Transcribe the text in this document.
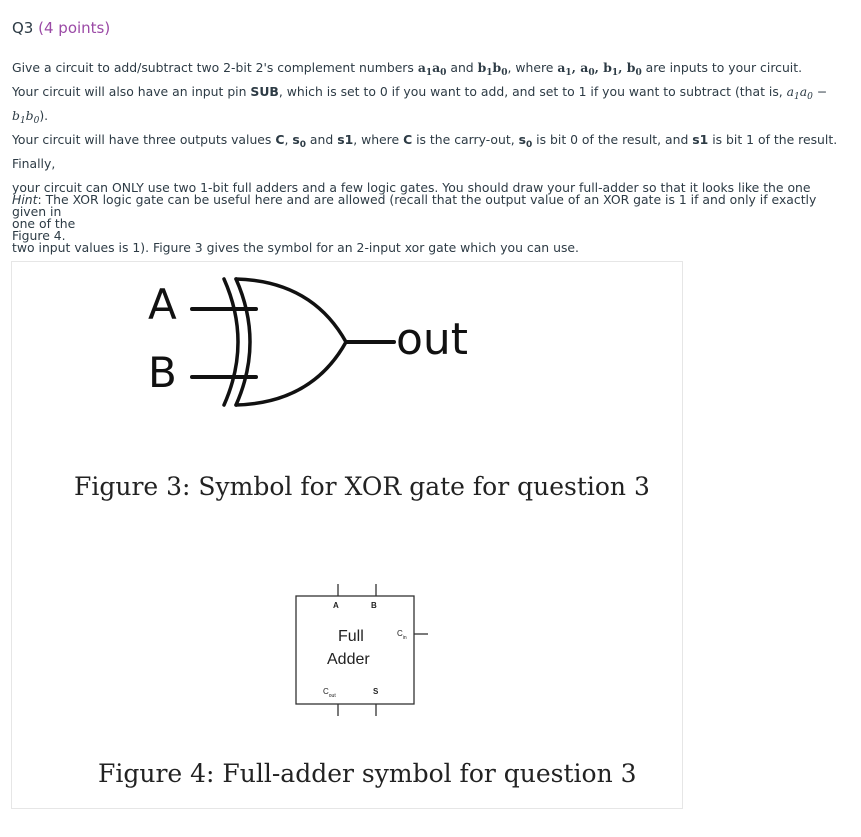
Q3 (4 points)
Give a circuit to add/subtract two 2-bit 2's complement numbers $a_1a_0$ and $b_1b_0$, where $a_1$, $a_0$, $b_1$, $b_0$ are inputs to your circuit.
Your circuit will also have an input pin SUB, which is set to 0 if you want to add, and set to 1 if you want to subtract (that is, $a_1a_0 - b_1b_0$).
Your circuit will have three outputs values C, $s_0$ and s1, where C is the carry-out, $s_0$ is bit 0 of the result, and s1 is bit 1 of the result. Finally,
your circuit can ONLY use two 1-bit full adders and a few logic gates. You should draw your full-adder so that it looks like the one given in
Figure 4.
Hint: The XOR logic gate can be useful here and are allowed (recall that the output value of an XOR gate is 1 if and only if exactly one of the
two input values is 1). Figure 3 gives the symbol for an 2-input xor gate which you can use.
A
B
out
Figure 3: Symbol for XOR gate for question 3
A	B
Full
Adder
$C_{in}$
$C_{out}$	S
Figure 4: Full-adder symbol for question 3
